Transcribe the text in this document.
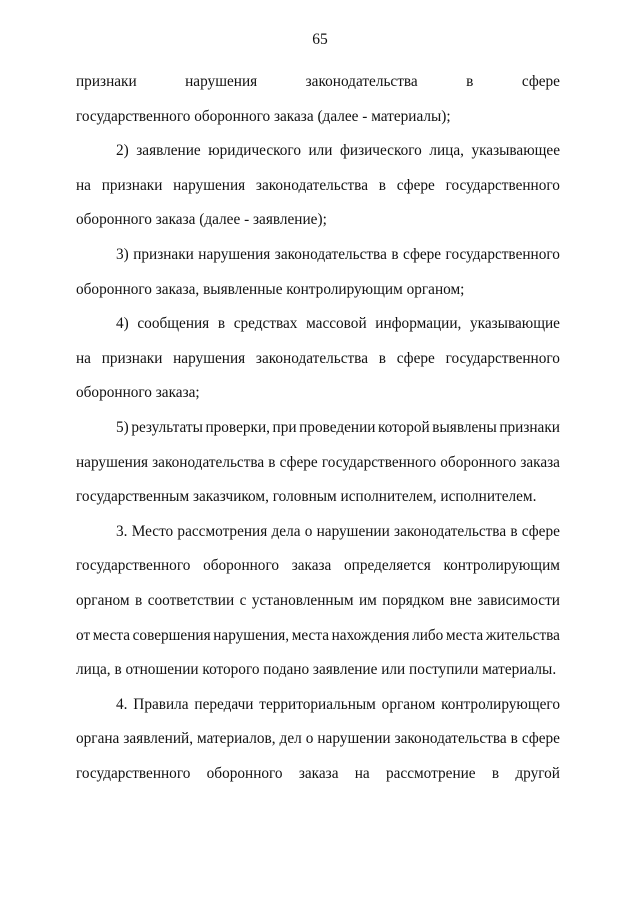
65
признаки	нарушения	законодательства	в	сфере
государственного оборонного заказа (далее - материалы);
2) заявление юридического или физического лица, указывающее
на признаки нарушения законодательства в сфере государственного
оборонного заказа (далее - заявление);
3) признаки нарушения законодательства в сфере государственного
оборонного заказа, выявленные контролирующим органом;
4) сообщения в средствах массовой информации, указывающие
на признаки нарушения законодательства в сфере государственного
оборонного заказа;
5) результаты проверки, при проведении которой выявлены признаки
нарушения законодательства в сфере государственного оборонного заказа
государственным заказчиком, головным исполнителем, исполнителем.
3. Место рассмотрения дела о нарушении законодательства в сфере
государственного оборонного заказа определяется контролирующим
органом в соответствии с установленным им порядком вне зависимости
от места совершения нарушения, места нахождения либо места жительства
лица, в отношении которого подано заявление или поступили материалы.
4. Правила передачи территориальным органом контролирующего
органа заявлений, материалов, дел о нарушении законодательства в сфере
государственного оборонного заказа на рассмотрение в другой
